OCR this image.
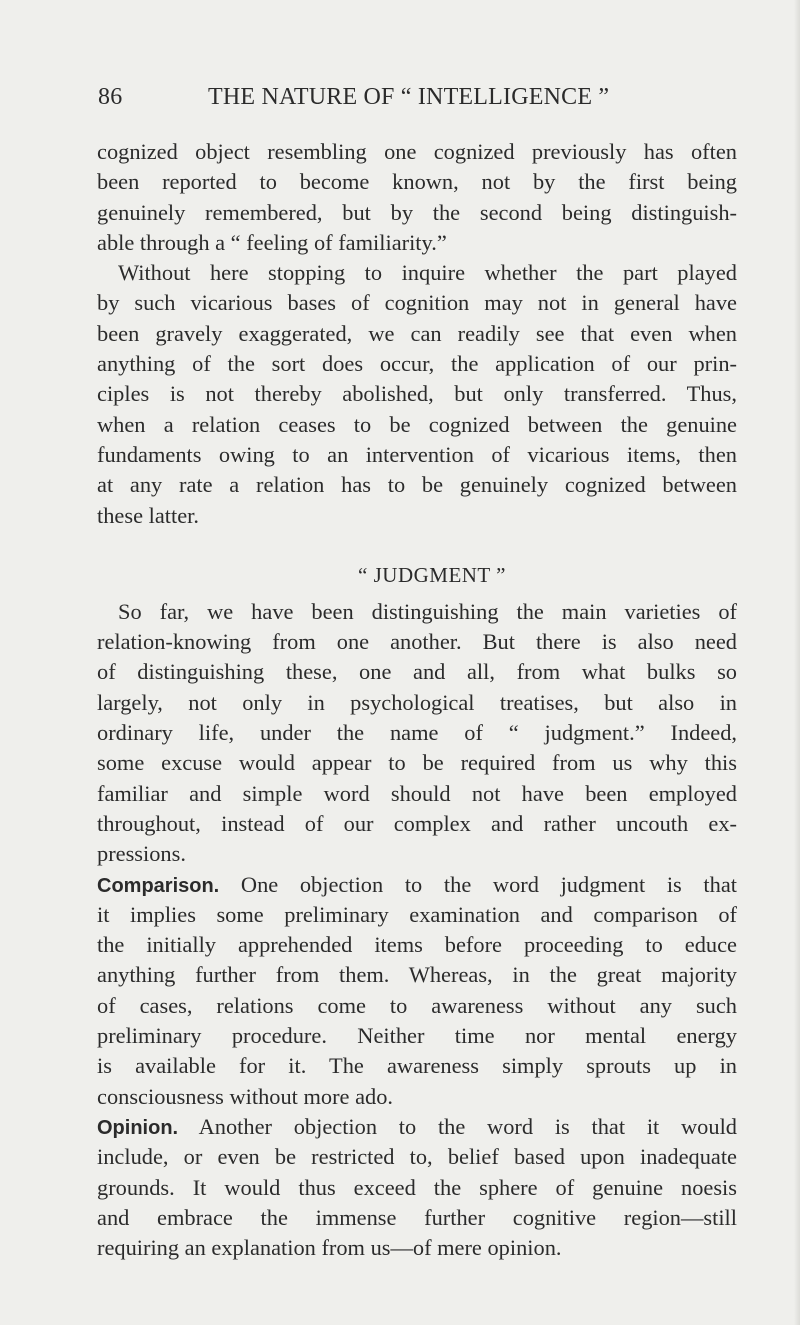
86	THE NATURE OF “ INTELLIGENCE ”
cognized object resembling one cognized previously has often
been reported to become known, not by the first being
genuinely remembered, but by the second being distinguish-
able through a “ feeling of familiarity.”
Without here stopping to inquire whether the part played
by such vicarious bases of cognition may not in general have
been gravely exaggerated, we can readily see that even when
anything of the sort does occur, the application of our prin-
ciples is not thereby abolished, but only transferred. Thus,
when a relation ceases to be cognized between the genuine
fundaments owing to an intervention of vicarious items, then
at any rate a relation has to be genuinely cognized between
these latter.
“ JUDGMENT ”
So far, we have been distinguishing the main varieties of
relation-knowing from one another. But there is also need
of distinguishing these, one and all, from what bulks so
largely, not only in psychological treatises, but also in
ordinary life, under the name of “ judgment.” Indeed,
some excuse would appear to be required from us why this
familiar and simple word should not have been employed
throughout, instead of our complex and rather uncouth ex-
pressions.
Comparison. One objection to the word judgment is that
it implies some preliminary examination and comparison of
the initially apprehended items before proceeding to educe
anything further from them. Whereas, in the great majority
of cases, relations come to awareness without any such
preliminary procedure. Neither time nor mental energy
is available for it. The awareness simply sprouts up in
consciousness without more ado.
Opinion. Another objection to the word is that it would
include, or even be restricted to, belief based upon inadequate
grounds. It would thus exceed the sphere of genuine noesis
and embrace the immense further cognitive region—still
requiring an explanation from us—of mere opinion.
